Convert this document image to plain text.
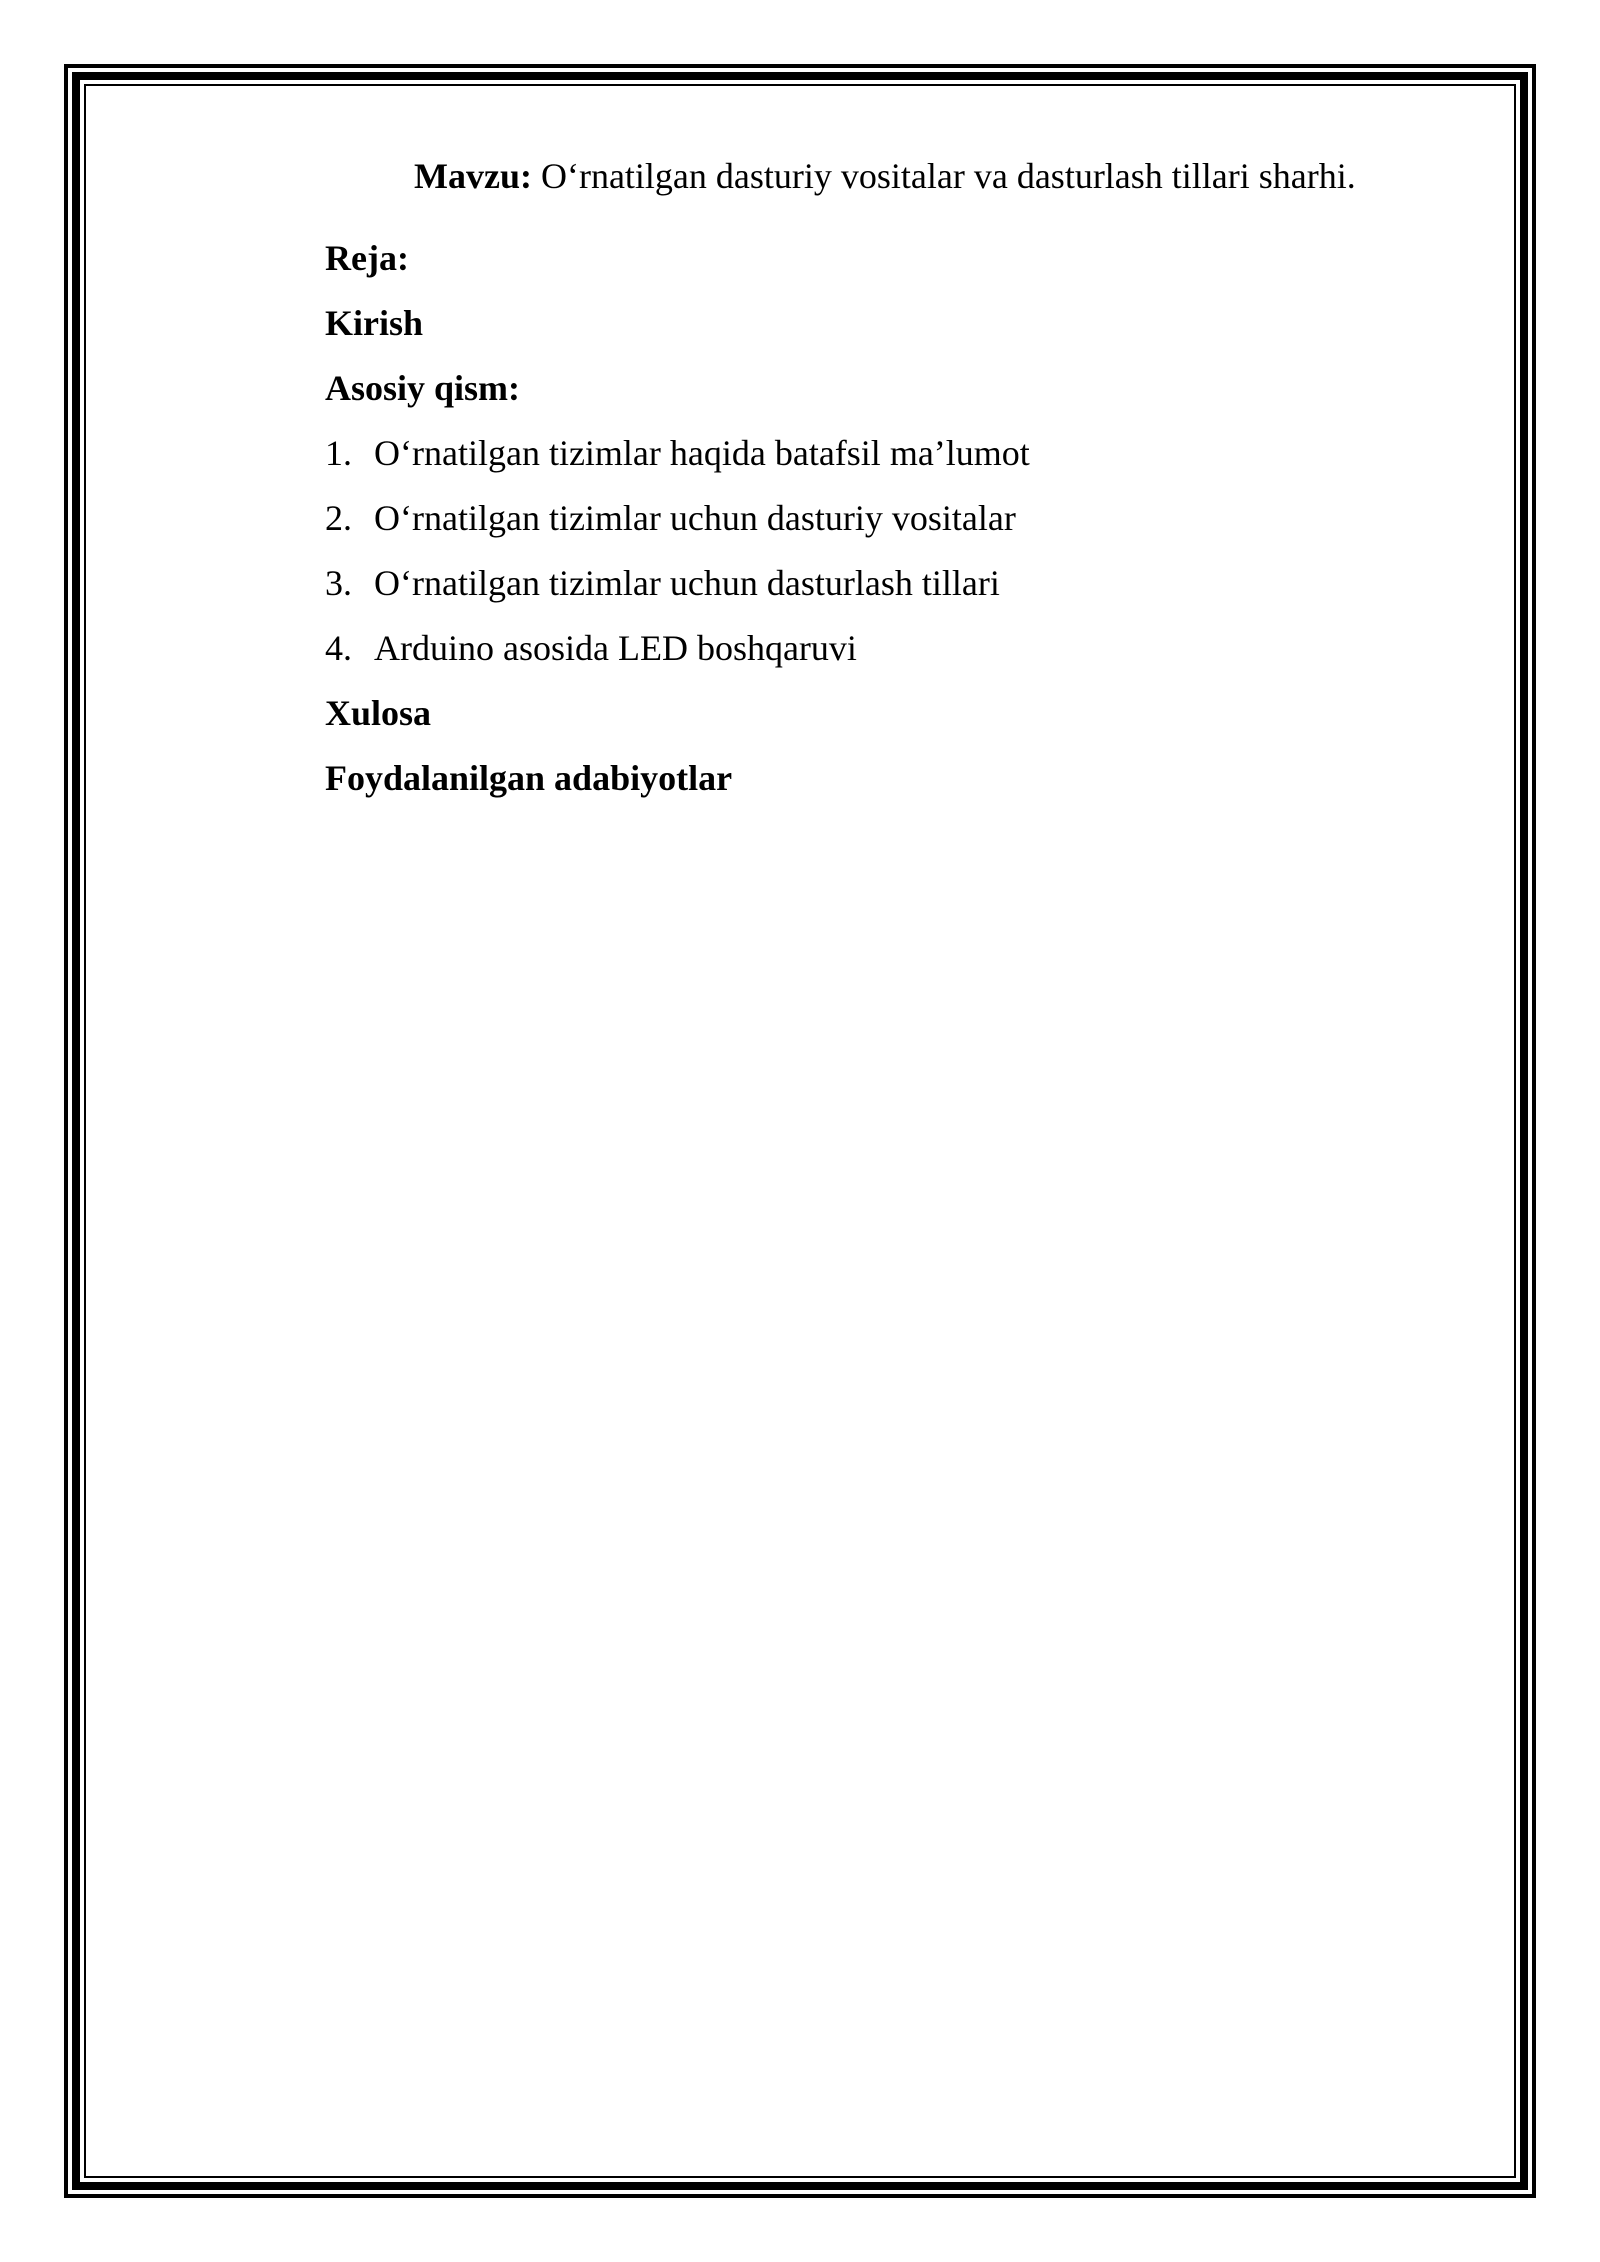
Mavzu: O‘rnatilgan dasturiy vositalar va dasturlash tillari sharhi.
Reja:
Kirish
Asosiy qism:
1. O‘rnatilgan tizimlar haqida batafsil ma’lumot
2. O‘rnatilgan tizimlar uchun dasturiy vositalar
3. O‘rnatilgan tizimlar uchun dasturlash tillari
4. Arduino asosida LED boshqaruvi
Xulosa
Foydalanilgan adabiyotlar
